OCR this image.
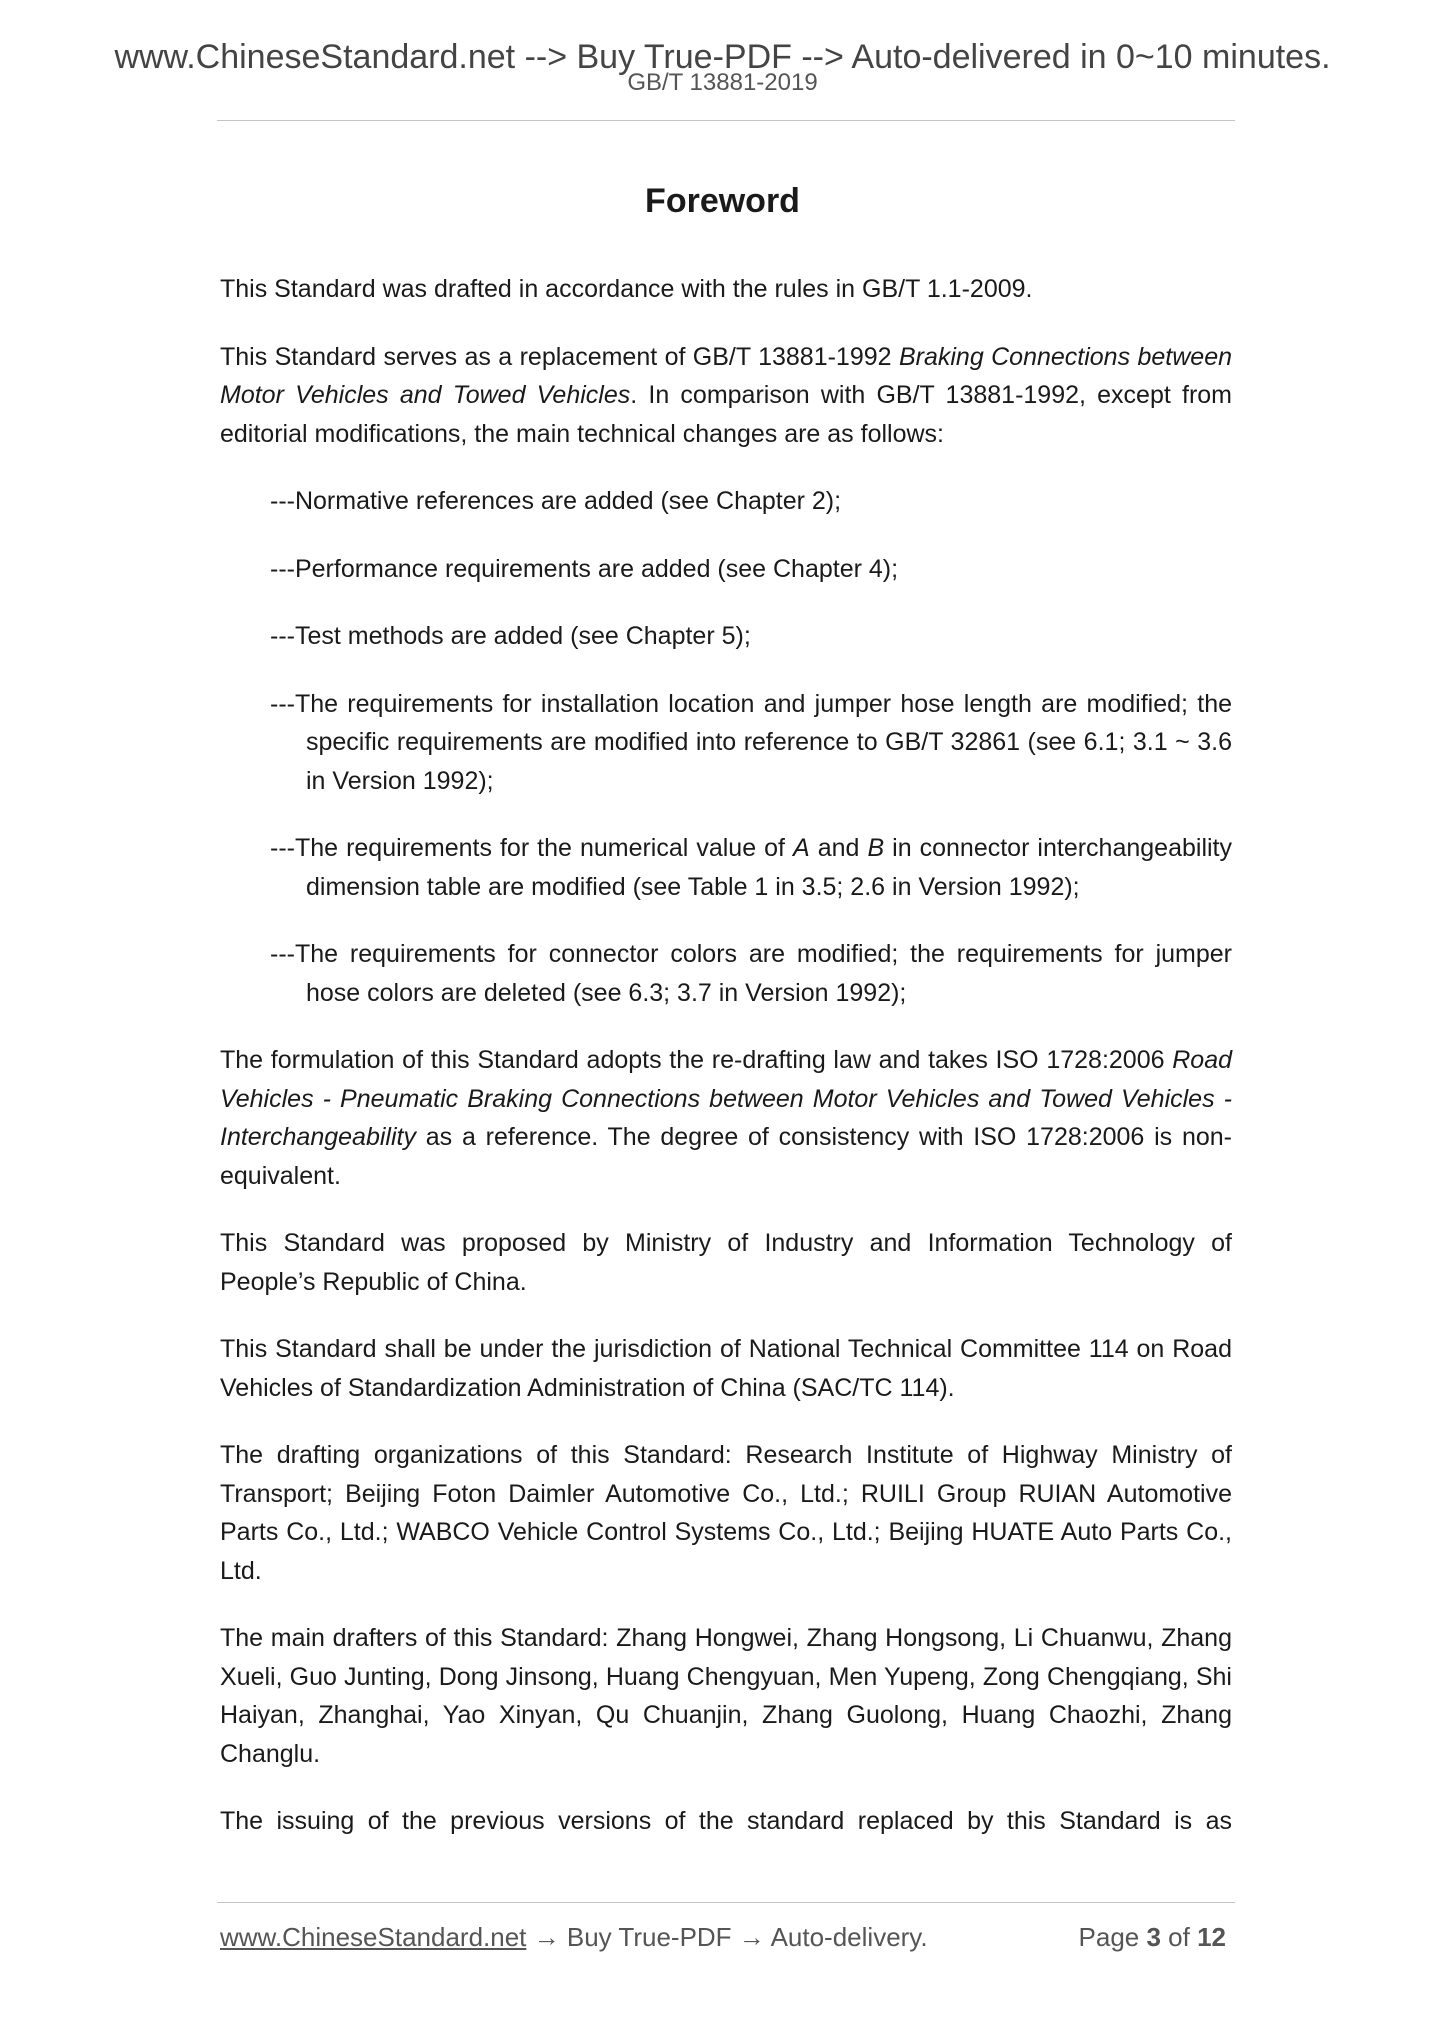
www.ChineseStandard.net --> Buy True-PDF --> Auto-delivered in 0~10 minutes.
GB/T 13881-2019
Foreword

This Standard was drafted in accordance with the rules in GB/T 1.1-2009.

This Standard serves as a replacement of GB/T 13881-1992 Braking Connections between Motor Vehicles and Towed Vehicles. In comparison with GB/T 13881-1992, except from editorial modifications, the main technical changes are as follows:

---Normative references are added (see Chapter 2);

---Performance requirements are added (see Chapter 4);

---Test methods are added (see Chapter 5);

---The requirements for installation location and jumper hose length are modified; the specific requirements are modified into reference to GB/T 32861 (see 6.1; 3.1 ~ 3.6 in Version 1992);

---The requirements for the numerical value of A and B in connector interchangeability dimension table are modified (see Table 1 in 3.5; 2.6 in Version 1992);

---The requirements for connector colors are modified; the requirements for jumper hose colors are deleted (see 6.3; 3.7 in Version 1992);

The formulation of this Standard adopts the re-drafting law and takes ISO 1728:2006 Road Vehicles - Pneumatic Braking Connections between Motor Vehicles and Towed Vehicles - Interchangeability as a reference. The degree of consistency with ISO 1728:2006 is non-equivalent.

This Standard was proposed by Ministry of Industry and Information Technology of People’s Republic of China.

This Standard shall be under the jurisdiction of National Technical Committee 114 on Road Vehicles of Standardization Administration of China (SAC/TC 114).

The drafting organizations of this Standard: Research Institute of Highway Ministry of Transport; Beijing Foton Daimler Automotive Co., Ltd.; RUILI Group RUIAN Automotive Parts Co., Ltd.; WABCO Vehicle Control Systems Co., Ltd.; Beijing HUATE Auto Parts Co., Ltd.

The main drafters of this Standard: Zhang Hongwei, Zhang Hongsong, Li Chuanwu, Zhang Xueli, Guo Junting, Dong Jinsong, Huang Chengyuan, Men Yupeng, Zong Chengqiang, Shi Haiyan, Zhanghai, Yao Xinyan, Qu Chuanjin, Zhang Guolong, Huang Chaozhi, Zhang Changlu.

The issuing of the previous versions of the standard replaced by this Standard is as

www.ChineseStandard.net → Buy True-PDF → Auto-delivery.	Page 3 of 12
